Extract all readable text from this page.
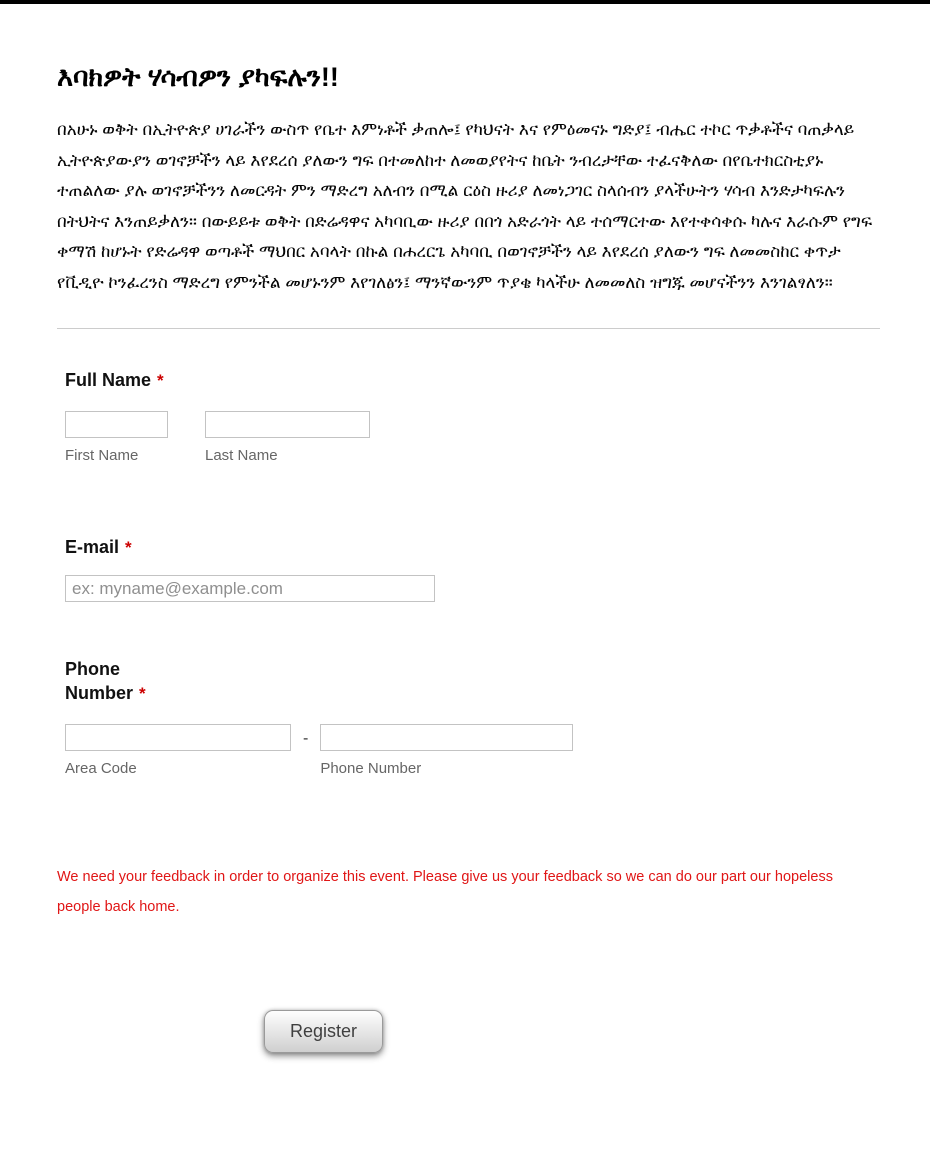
እባክዎት ሃሳብዎን ያካፍሉን!!

በአሁኑ ወቅት በኢትዮጵያ ሀገራችን ውስጥ የቤተ እምነቶች ቃጠሎ፤ የካህናት እና የምዕመናኑ ግድያ፤ ብሔር ተኮር ጥቃቶችና ባጠቃላይ ኢትዮጵያውያን ወገኖቻችን ላይ እየደረሰ ያለውን ግፍ በተመለከተ ለመወያየትና ከቤት ንብረታቸው ተፈናቅለው በየቤተክርስቲያኑ ተጠልለው ያሉ ወገኖቻችንን ለመርዳት ምን ማድረግ አለብን በሚል ርዕስ ዙሪያ ለመነጋገር ስላሰብን ያላችሁትን ሃሳብ እንድታካፍሉን በትህትና እንጠይቃለን። በውይይቱ ወቅት በድሬዳዋና አካባቢው ዙሪያ በበጎ አድራጎት ላይ ተሰማርተው እየተቀሳቀሱ ካሉና እራሱም የግፍ ቀማሽ ከሆኑት የድሬዳዋ ወጣቶች ማህበር አባላት በኩል በሐረርጌ አካባቢ በወገኖቻችን ላይ እየደረሰ ያለውን ግፍ ለመመስከር ቀጥታ የቪዲዮ ኮንፈረንስ ማድረግ የምንችል መሆኑንም እየገለፅን፤ ማንኛውንም ጥያቄ ካላችሁ ለመመለስ ዝግጁ መሆናችንን እንገልፃለን።

Full Name *
First Name	Last Name
E-mail *
ex: myname@example.com
Phone Number *
Area Code
-
Phone Number

We need your feedback in order to organize this event. Please give us your feedback so we can do our part our hopeless people back home.

Register
